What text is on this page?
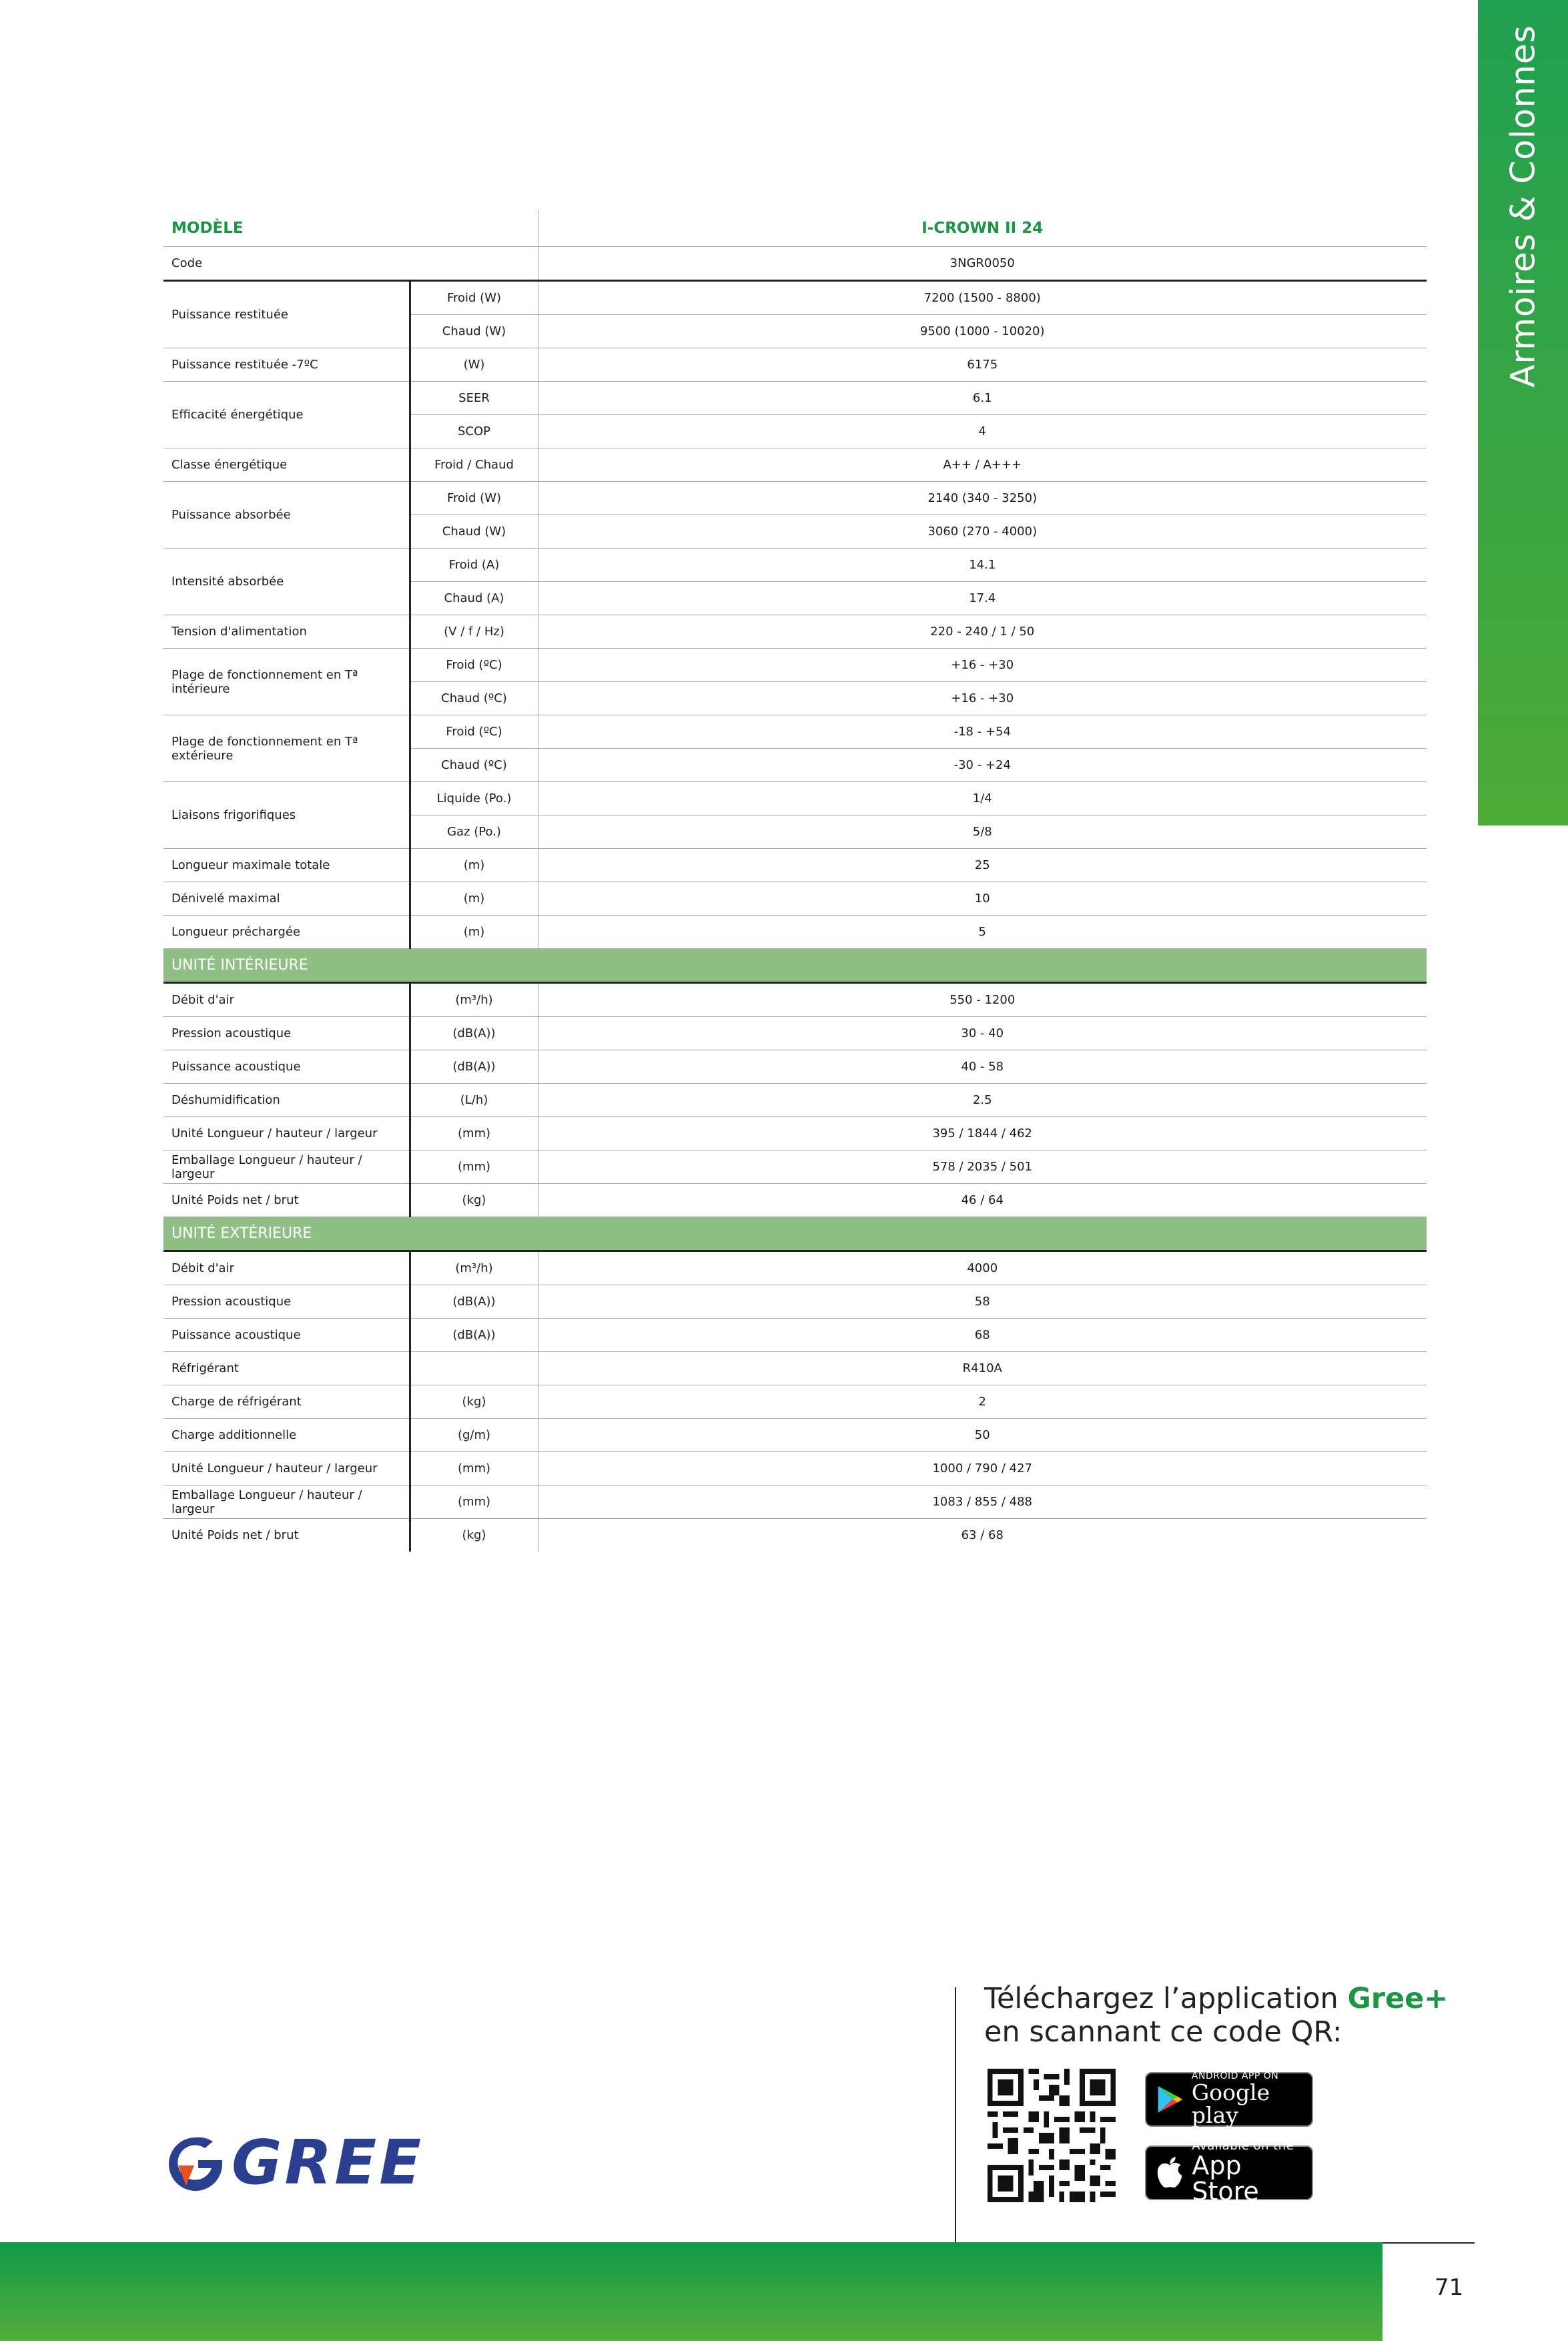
Armoires & Colonnes
MODÈLE		I-CROWN II 24
Code		3NGR0050
Puissance restituée	Froid (W)	7200 (1500 - 8800)
	Chaud (W)	9500 (1000 - 10020)
Puissance restituée -7ºC	(W)	6175
Efficacité énergétique	SEER	6.1
	SCOP	4
Classe énergétique	Froid / Chaud	A++ / A+++
Puissance absorbée	Froid (W)	2140 (340 - 3250)
	Chaud (W)	3060 (270 - 4000)
Intensité absorbée	Froid (A)	14.1
	Chaud (A)	17.4
Tension d'alimentation	(V / f / Hz)	220 - 240 / 1 / 50
Plage de fonctionnement en Tª intérieure	Froid (ºC)	+16 - +30
	Chaud (ºC)	+16 - +30
Plage de fonctionnement en Tª extérieure	Froid (ºC)	-18 - +54
	Chaud (ºC)	-30 - +24
Liaisons frigorifiques	Liquide (Po.)	1/4
	Gaz (Po.)	5/8
Longueur maximale totale	(m)	25
Dénivelé maximal	(m)	10
Longueur préchargée	(m)	5
UNITÉ INTÉRIEURE		
Débit d'air	(m³/h)	550 - 1200
Pression acoustique	(dB(A))	30 - 40
Puissance acoustique	(dB(A))	40 - 58
Déshumidification	(L/h)	2.5
Unité Longueur / hauteur / largeur	(mm)	395 / 1844 / 462
Emballage Longueur / hauteur / largeur	(mm)	578 / 2035 / 501
Unité Poids net / brut	(kg)	46 / 64
UNITÉ EXTÉRIEURE		
Débit d'air	(m³/h)	4000
Pression acoustique	(dB(A))	58
Puissance acoustique	(dB(A))	68
Réfrigérant		R410A
Charge de réfrigérant	(kg)	2
Charge additionnelle	(g/m)	50
Unité Longueur / hauteur / largeur	(mm)	1000 / 790 / 427
Emballage Longueur / hauteur / largeur	(mm)	1083 / 855 / 488
Unité Poids net / brut	(kg)	63 / 68
Téléchargez l’application Gree+
en scannant ce code QR:
ANDROID APP ON
Google play
Available on the
App Store
GREE
71
